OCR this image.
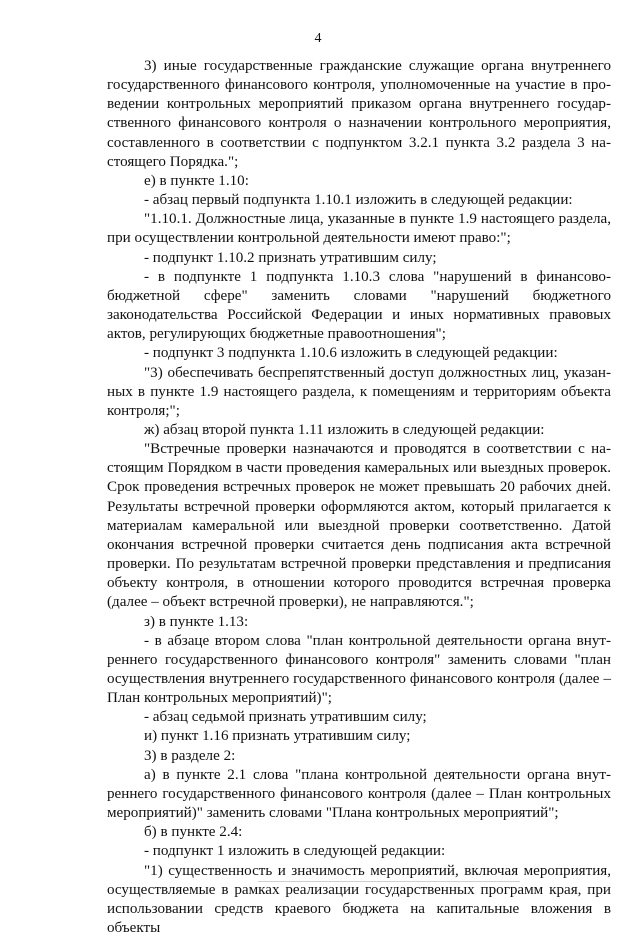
4

3) иные государственные гражданские служащие органа внутреннего государственного финансового контроля, уполномоченные на участие в проведении контрольных мероприятий приказом органа внутреннего государственного финансового контроля о назначении контрольного мероприятия, составленного в соответствии с подпунктом 3.2.1 пункта 3.2 раздела 3 настоящего Порядка.";

е) в пункте 1.10:

- абзац первый подпункта 1.10.1 изложить в следующей редакции:

"1.10.1. Должностные лица, указанные в пункте 1.9 настоящего раздела, при осуществлении контрольной деятельности имеют право:";

- подпункт 1.10.2 признать утратившим силу;

- в подпункте 1 подпункта 1.10.3 слова "нарушений в финансово-бюджетной сфере" заменить словами "нарушений бюджетного законодательства Российской Федерации и иных нормативных правовых актов, регулирующих бюджетные правоотношения";

- подпункт 3 подпункта 1.10.6 изложить в следующей редакции:

"3) обеспечивать беспрепятственный доступ должностных лиц, указанных в пункте 1.9 настоящего раздела, к помещениям и территориям объекта контроля;";

ж) абзац второй пункта 1.11 изложить в следующей редакции:

"Встречные проверки назначаются и проводятся в соответствии с настоящим Порядком в части проведения камеральных или выездных проверок. Срок проведения встречных проверок не может превышать 20 рабочих дней. Результаты встречной проверки оформляются актом, который прилагается к материалам камеральной или выездной проверки соответственно. Датой окончания встречной проверки считается день подписания акта встречной проверки. По результатам встречной проверки представления и предписания объекту контроля, в отношении которого проводится встречная проверка (далее – объект встречной проверки), не направляются.";

з) в пункте 1.13:

- в абзаце втором слова "план контрольной деятельности органа внутреннего государственного финансового контроля" заменить словами "план осуществления внутреннего государственного финансового контроля (далее – План контрольных мероприятий)";

- абзац седьмой признать утратившим силу;

и) пункт 1.16 признать утратившим силу;

3) в разделе 2:

а) в пункте 2.1 слова "плана контрольной деятельности органа внутреннего государственного финансового контроля (далее – План контрольных мероприятий)" заменить словами "Плана контрольных мероприятий";

б) в пункте 2.4:

- подпункт 1 изложить в следующей редакции:

"1) существенность и значимость мероприятий, включая мероприятия, осуществляемые в рамках реализации государственных программ края, при использовании средств краевого бюджета на капитальные вложения в объекты
